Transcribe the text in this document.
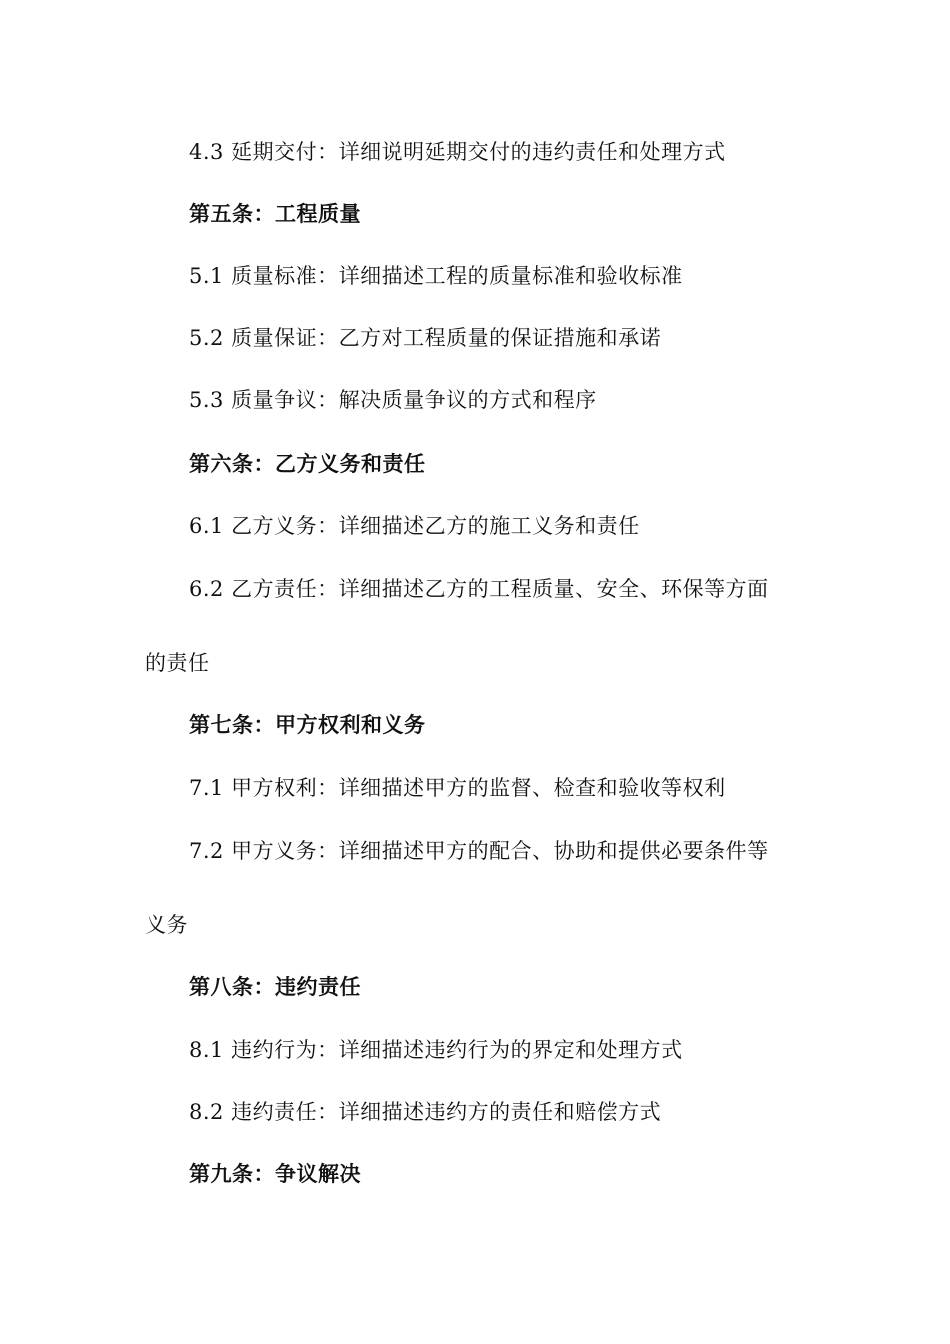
4.3 延期交付：详细说明延期交付的违约责任和处理方式
第五条：工程质量
5.1 质量标准：详细描述工程的质量标准和验收标准
5.2 质量保证：乙方对工程质量的保证措施和承诺
5.3 质量争议：解决质量争议的方式和程序
第六条：乙方义务和责任
6.1 乙方义务：详细描述乙方的施工义务和责任
6.2 乙方责任：详细描述乙方的工程质量、安全、环保等方面
的责任
第七条：甲方权利和义务
7.1 甲方权利：详细描述甲方的监督、检查和验收等权利
7.2 甲方义务：详细描述甲方的配合、协助和提供必要条件等
义务
第八条：违约责任
8.1 违约行为：详细描述违约行为的界定和处理方式
8.2 违约责任：详细描述违约方的责任和赔偿方式
第九条：争议解决
